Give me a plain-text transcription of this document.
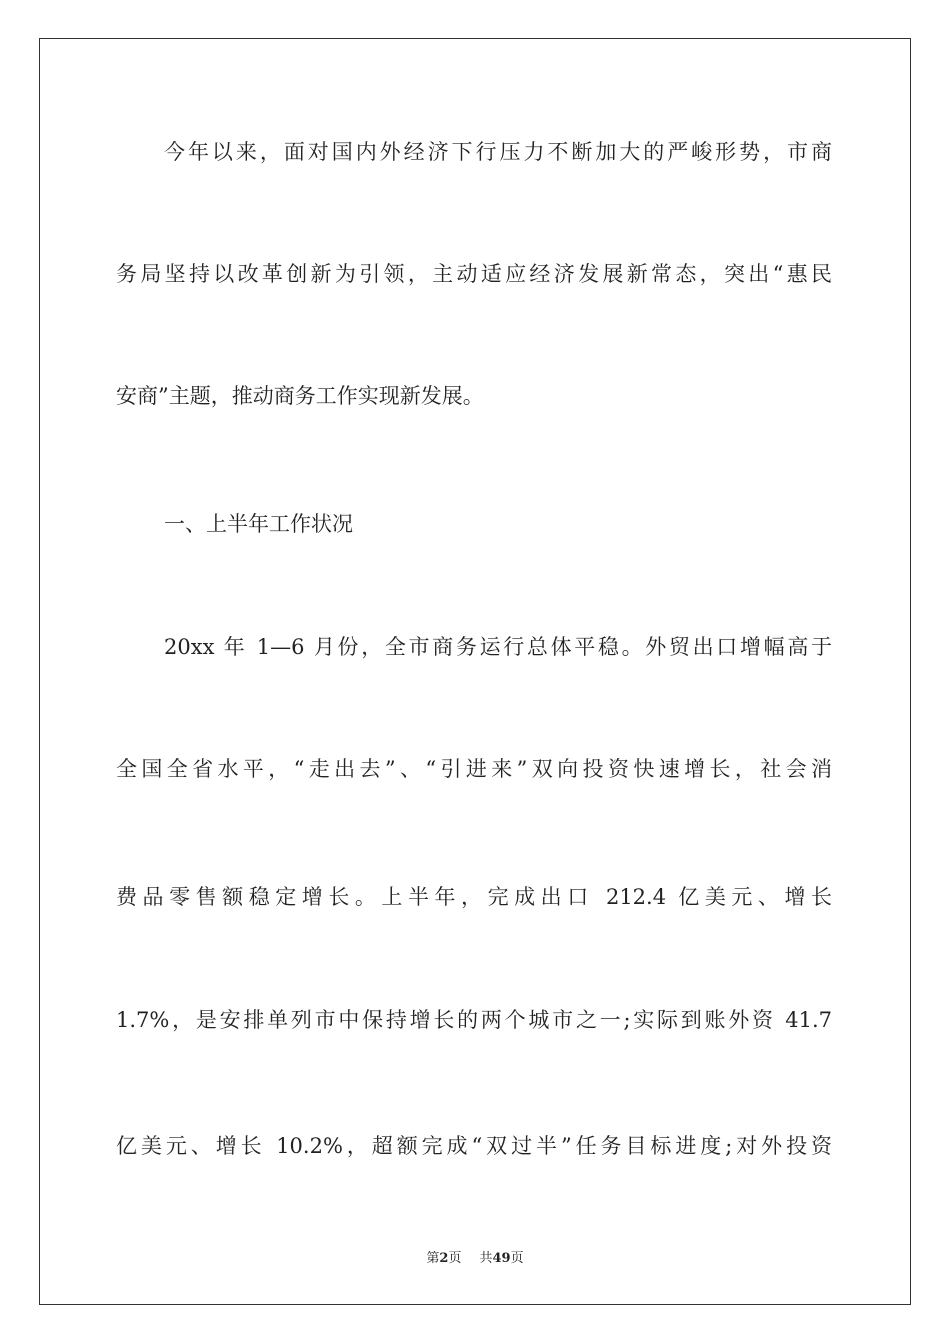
今年以来，面对国内外经济下行压力不断加大的严峻形势，市商
务局坚持以改革创新为引领，主动适应经济发展新常态，突出“惠民
安商”主题，推动商务工作实现新发展。
一、上半年工作状况
20xx 年 1—6 月份，全市商务运行总体平稳。外贸出口增幅高于
全国全省水平，“走出去”、“引进来”双向投资快速增长，社会消
费品零售额稳定增长。上半年，完成出口 212.4 亿美元、增长
1.7%，是安排单列市中保持增长的两个城市之一;实际到账外资 41.7
亿美元、增长 10.2%，超额完成“双过半”任务目标进度;对外投资
第2页 共49页
